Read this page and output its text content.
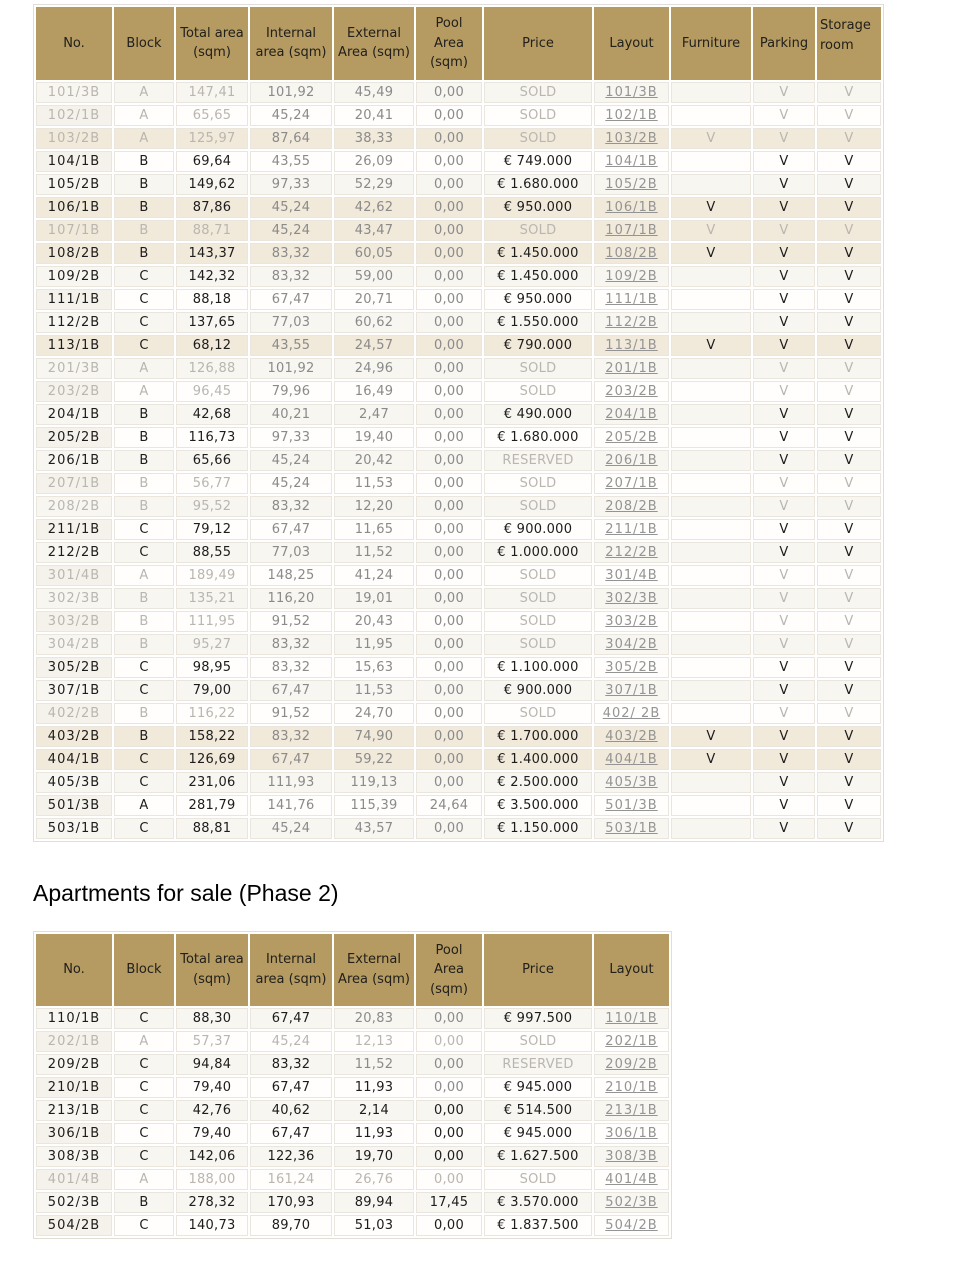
No.	Block	Total area (sqm)	Internal area (sqm)	External Area (sqm)	Pool Area (sqm)	Price	Layout	Furniture	Parking	Storage room
101/3B	A	147,41	101,92	45,49	0,00	SOLD	101/3B		V	V
102/1B	A	65,65	45,24	20,41	0,00	SOLD	102/1B		V	V
103/2B	A	125,97	87,64	38,33	0,00	SOLD	103/2B	V	V	V
104/1B	B	69,64	43,55	26,09	0,00	€ 749.000	104/1B		V	V
105/2B	B	149,62	97,33	52,29	0,00	€ 1.680.000	105/2B		V	V
106/1B	B	87,86	45,24	42,62	0,00	€ 950.000	106/1B	V	V	V
107/1B	B	88,71	45,24	43,47	0,00	SOLD	107/1B	V	V	V
108/2B	B	143,37	83,32	60,05	0,00	€ 1.450.000	108/2B	V	V	V
109/2B	C	142,32	83,32	59,00	0,00	€ 1.450.000	109/2B		V	V
111/1B	C	88,18	67,47	20,71	0,00	€ 950.000	111/1B		V	V
112/2B	C	137,65	77,03	60,62	0,00	€ 1.550.000	112/2B		V	V
113/1B	C	68,12	43,55	24,57	0,00	€ 790.000	113/1B	V	V	V
201/3B	A	126,88	101,92	24,96	0,00	SOLD	201/1B		V	V
203/2B	A	96,45	79,96	16,49	0,00	SOLD	203/2B		V	V
204/1B	B	42,68	40,21	2,47	0,00	€ 490.000	204/1B		V	V
205/2B	B	116,73	97,33	19,40	0,00	€ 1.680.000	205/2B		V	V
206/1B	B	65,66	45,24	20,42	0,00	RESERVED	206/1B		V	V
207/1B	B	56,77	45,24	11,53	0,00	SOLD	207/1B		V	V
208/2B	B	95,52	83,32	12,20	0,00	SOLD	208/2B		V	V
211/1B	C	79,12	67,47	11,65	0,00	€ 900.000	211/1B		V	V
212/2B	C	88,55	77,03	11,52	0,00	€ 1.000.000	212/2B		V	V
301/4B	A	189,49	148,25	41,24	0,00	SOLD	301/4B		V	V
302/3B	B	135,21	116,20	19,01	0,00	SOLD	302/3B		V	V
303/2B	B	111,95	91,52	20,43	0,00	SOLD	303/2B		V	V
304/2B	B	95,27	83,32	11,95	0,00	SOLD	304/2B		V	V
305/2B	C	98,95	83,32	15,63	0,00	€ 1.100.000	305/2B		V	V
307/1B	C	79,00	67,47	11,53	0,00	€ 900.000	307/1B		V	V
402/2B	B	116,22	91,52	24,70	0,00	SOLD	402/ 2B		V	V
403/2B	B	158,22	83,32	74,90	0,00	€ 1.700.000	403/2B	V	V	V
404/1B	C	126,69	67,47	59,22	0,00	€ 1.400.000	404/1B	V	V	V
405/3B	C	231,06	111,93	119,13	0,00	€ 2.500.000	405/3B		V	V
501/3B	A	281,79	141,76	115,39	24,64	€ 3.500.000	501/3B		V	V
503/1B	C	88,81	45,24	43,57	0,00	€ 1.150.000	503/1B		V	V
Apartments for sale (Phase 2)
No.	Block	Total area (sqm)	Internal area (sqm)	External Area (sqm)	Pool Area (sqm)	Price	Layout
110/1B	C	88,30	67,47	20,83	0,00	€ 997.500	110/1B
202/1B	A	57,37	45,24	12,13	0,00	SOLD	202/1B
209/2B	C	94,84	83,32	11,52	0,00	RESERVED	209/2B
210/1B	C	79,40	67,47	11,93	0,00	€ 945.000	210/1B
213/1B	C	42,76	40,62	2,14	0,00	€ 514.500	213/1B
306/1B	C	79,40	67,47	11,93	0,00	€ 945.000	306/1B
308/3B	C	142,06	122,36	19,70	0,00	€ 1.627.500	308/3B
401/4B	A	188,00	161,24	26,76	0,00	SOLD	401/4B
502/3B	B	278,32	170,93	89,94	17,45	€ 3.570.000	502/3B
504/2B	C	140,73	89,70	51,03	0,00	€ 1.837.500	504/2B
